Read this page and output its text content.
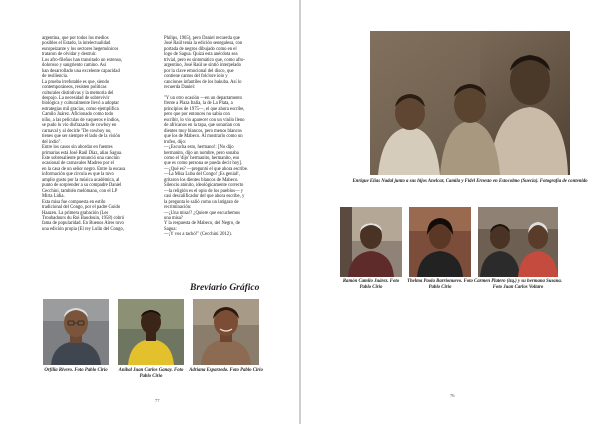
argentina, que por todos los medios
posibles el Estado, la intelectualidad
europeizante y los sectores hegemónicos
trataron de olvidar y destruir.
Los afro-fileños han transitado un extenso,
doloroso y sangriento camino. Así
han desarrollado una excelente capacidad
de resiliencia.
La prueba irrefutable es que, siendo
contemporáneos, resisten políticas
culturales distintivas y la memoria del
despojo. La necesidad de sobrevivir
biológica y culturalmente llevó a adoptar
estrategias mil gracias, como ejemplifica
Camilo Juárez. Aficionado como todo
niño, a las películas de vaqueros e indios,
se pudo lo vio disfrazado de cowboy en
carnaval y al decirle "De cowboy no,
tienes que ser siempre el lado de la visión
del indio".
Entre los casos sin abordar en fuentes
primarias está José Raúl Díaz, alias Sagua.
Este sobresaliente pronunció una canción
ocasional de carnavales Madreo por el
en la casa de un señor negro. Entre la escasa
información que circula es que la tuvo
amplio gusto por la música académica, al
punto de sorprender a su compadre Daniel
Cecchini, también melómano, con el LP
Mirta Lidia.
Esta misa fue compuesta en estilo
tradicional del Congo, por el padre Guido
Haazen. La primera grabación (Les
Troubadours du Roi Baudouin, 1958) cobró
fama de popularidad. En Buenos Aires tuvo
una edición propia (El rey Lulín del Congo,
Philips, 1965), pero Daniel recuerda que
José Raúl tenía la edición senegalesa, con
portada de negros dibujado como en el
logo de Sagua. Quizá esta anécdota sea
trivial, pero es sintomático que, como afro-
argentino, José Raúl se sintió interpelado
por la clave emocional del disco, que
contiene cantos del folclore ioio y
canciones infantiles de los bakuba. Así lo
recuerda Daniel:

"Y un otro ocasión —en un departamento
frente a Plaza Italia, la de La Plata, a
principios de 1975—, el que ahora escribe,
pero que por entonces no sabía con
escribir, lo vio aparecer con un vinilo lleno
de africanos en la tapa, que sonarían con
dientes muy blancos, pero menos blancos
que los de Mabeco. Al mostrarlo como un
trofeo, dijo:
—¿Escucha esto, hermano!: [No dijo
hermanito, dijo un nombre, pero sonaba
como el 'dijo' hermanito, hermanito, eso
que es como persona se pueda decir hoy].
—¿Qué es? —preguntó el que ahora escribe.
—La Misa Luba del Congo! ¡Es genial!,
gritaron los dientes blancos de Mabeco.
Silencio atónito, ideológicamente correcto
—la religión es el opio de los pueblos— y
casi descalificador del que ahora escribe, y
la pregunta le salió como un latigazo de
recriminación:
—¿Una misa!? ¿Quiere que escuchemos
una misa?
Y la respuesta de Mabeco, del Negro, de
Sagua:
—¡Y vos a tachó!" (Cecchini 2012).
Breviario Gráfico
Orfilia Rivero. Foto Pablo Cirio	Aníbal Juan Carlos Ganay. Foto Pablo Cirio
Adriana Esparzedo. Foto Pablo Cirio
77
Enrique Elías Nadal junto a sus hijos Anelcar, Camila y Fidel Ernesto en Estocolmo (Suecia). Fotografía de contenido
Ramón Camilo Juárez. Foto Pablo Cirio
Thelma Paola Barrionuevo. Foto Pablo Cirio
Carmen Platero (izq.) y su hermana Susana. Foto Juan Carlos Voltaro
76
